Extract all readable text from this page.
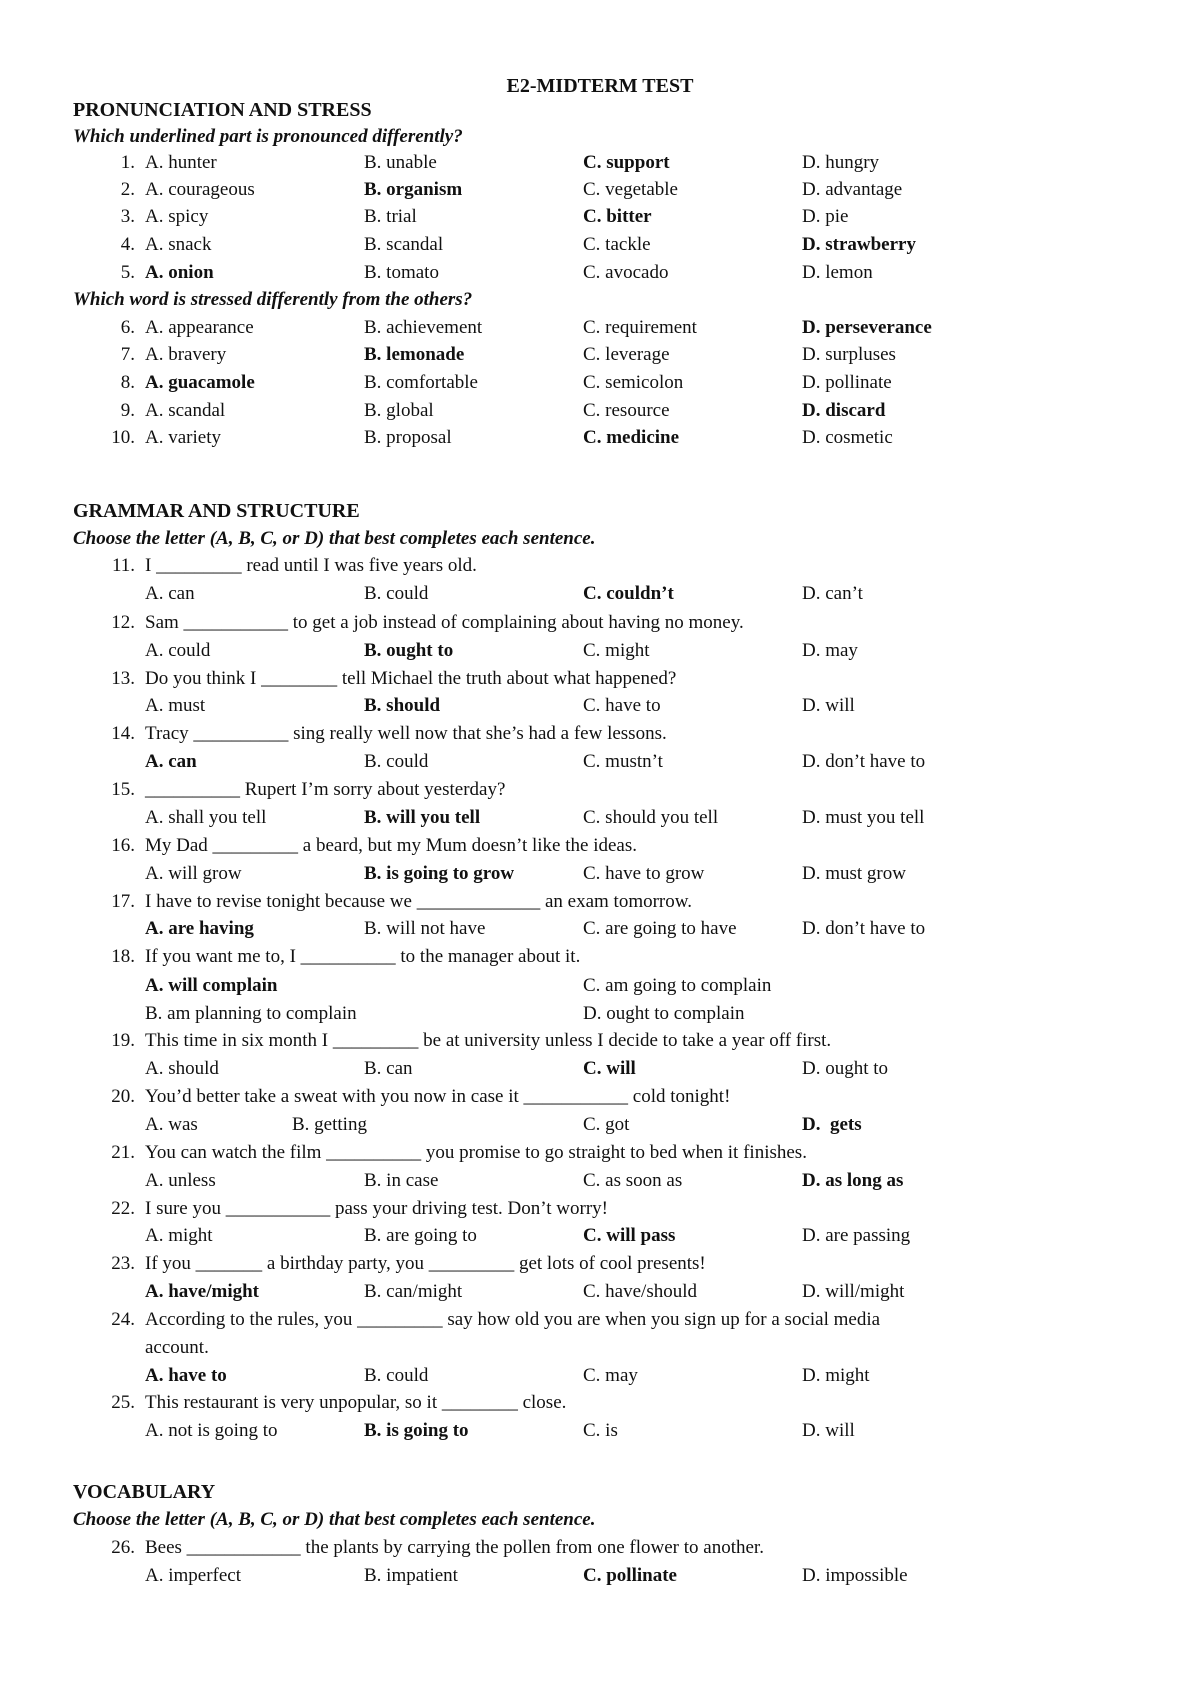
E2-MIDTERM TEST
PRONUNCIATION AND STRESS
Which underlined part is pronounced differently?
1. A. hunter	B. unable	C. support	D. hungry
2. A. courageous	B. organism	C. vegetable	D. advantage
3. A. spicy	B. trial	C. bitter	D. pie
4. A. snack	B. scandal	C. tackle	D. strawberry
5. A. onion	B. tomato	C. avocado	D. lemon
Which word is stressed differently from the others?
6. A. appearance	B. achievement	C. requirement	D. perseverance
7. A. bravery	B. lemonade	C. leverage	D. surpluses
8. A. guacamole	B. comfortable	C. semicolon	D. pollinate
9. A. scandal	B. global	C. resource	D. discard
10. A. variety	B. proposal	C. medicine	D. cosmetic
GRAMMAR AND STRUCTURE
Choose the letter (A, B, C, or D) that best completes each sentence.
11. I _________ read until I was five years old.
A. can	B. could	C. couldn’t	D. can’t
12. Sam ___________ to get a job instead of complaining about having no money.
A. could	B. ought to	C. might	D. may
13. Do you think I ________ tell Michael the truth about what happened?
A. must	B. should	C. have to	D. will
14. Tracy __________ sing really well now that she’s had a few lessons.
A. can	B. could	C. mustn’t	D. don’t have to
15. __________ Rupert I’m sorry about yesterday?
A. shall you tell	B. will you tell	C. should you tell	D. must you tell
16. My Dad _________ a beard, but my Mum doesn’t like the ideas.
A. will grow	B. is going to grow	C. have to grow	D. must grow
17. I have to revise tonight because we _____________ an exam tomorrow.
A. are having	B. will not have	C. are going to have	D. don’t have to
18. If you want me to, I __________ to the manager about it.
A. will complain	C. am going to complain
B. am planning to complain	D. ought to complain
19. This time in six month I _________ be at university unless I decide to take a year off first.
A. should	B. can	C. will	D. ought to
20. You’d better take a sweat with you now in case it ___________ cold tonight!
A. was	B. getting	C. got	D.  gets
21. You can watch the film __________ you promise to go straight to bed when it finishes.
A. unless	B. in case	C. as soon as	D. as long as
22. I sure you ___________ pass your driving test. Don’t worry!
A. might	B. are going to	C. will pass	D. are passing
23. If you _______ a birthday party, you _________ get lots of cool presents!
A. have/might	B. can/might	C. have/should	D. will/might
24. According to the rules, you _________ say how old you are when you sign up for a social media
account.
A. have to	B. could	C. may	D. might
25. This restaurant is very unpopular, so it ________ close.
A. not is going to	B. is going to	C. is	D. will
VOCABULARY
Choose the letter (A, B, C, or D) that best completes each sentence.
26. Bees ____________ the plants by carrying the pollen from one flower to another.
A. imperfect	B. impatient	C. pollinate	D. impossible
